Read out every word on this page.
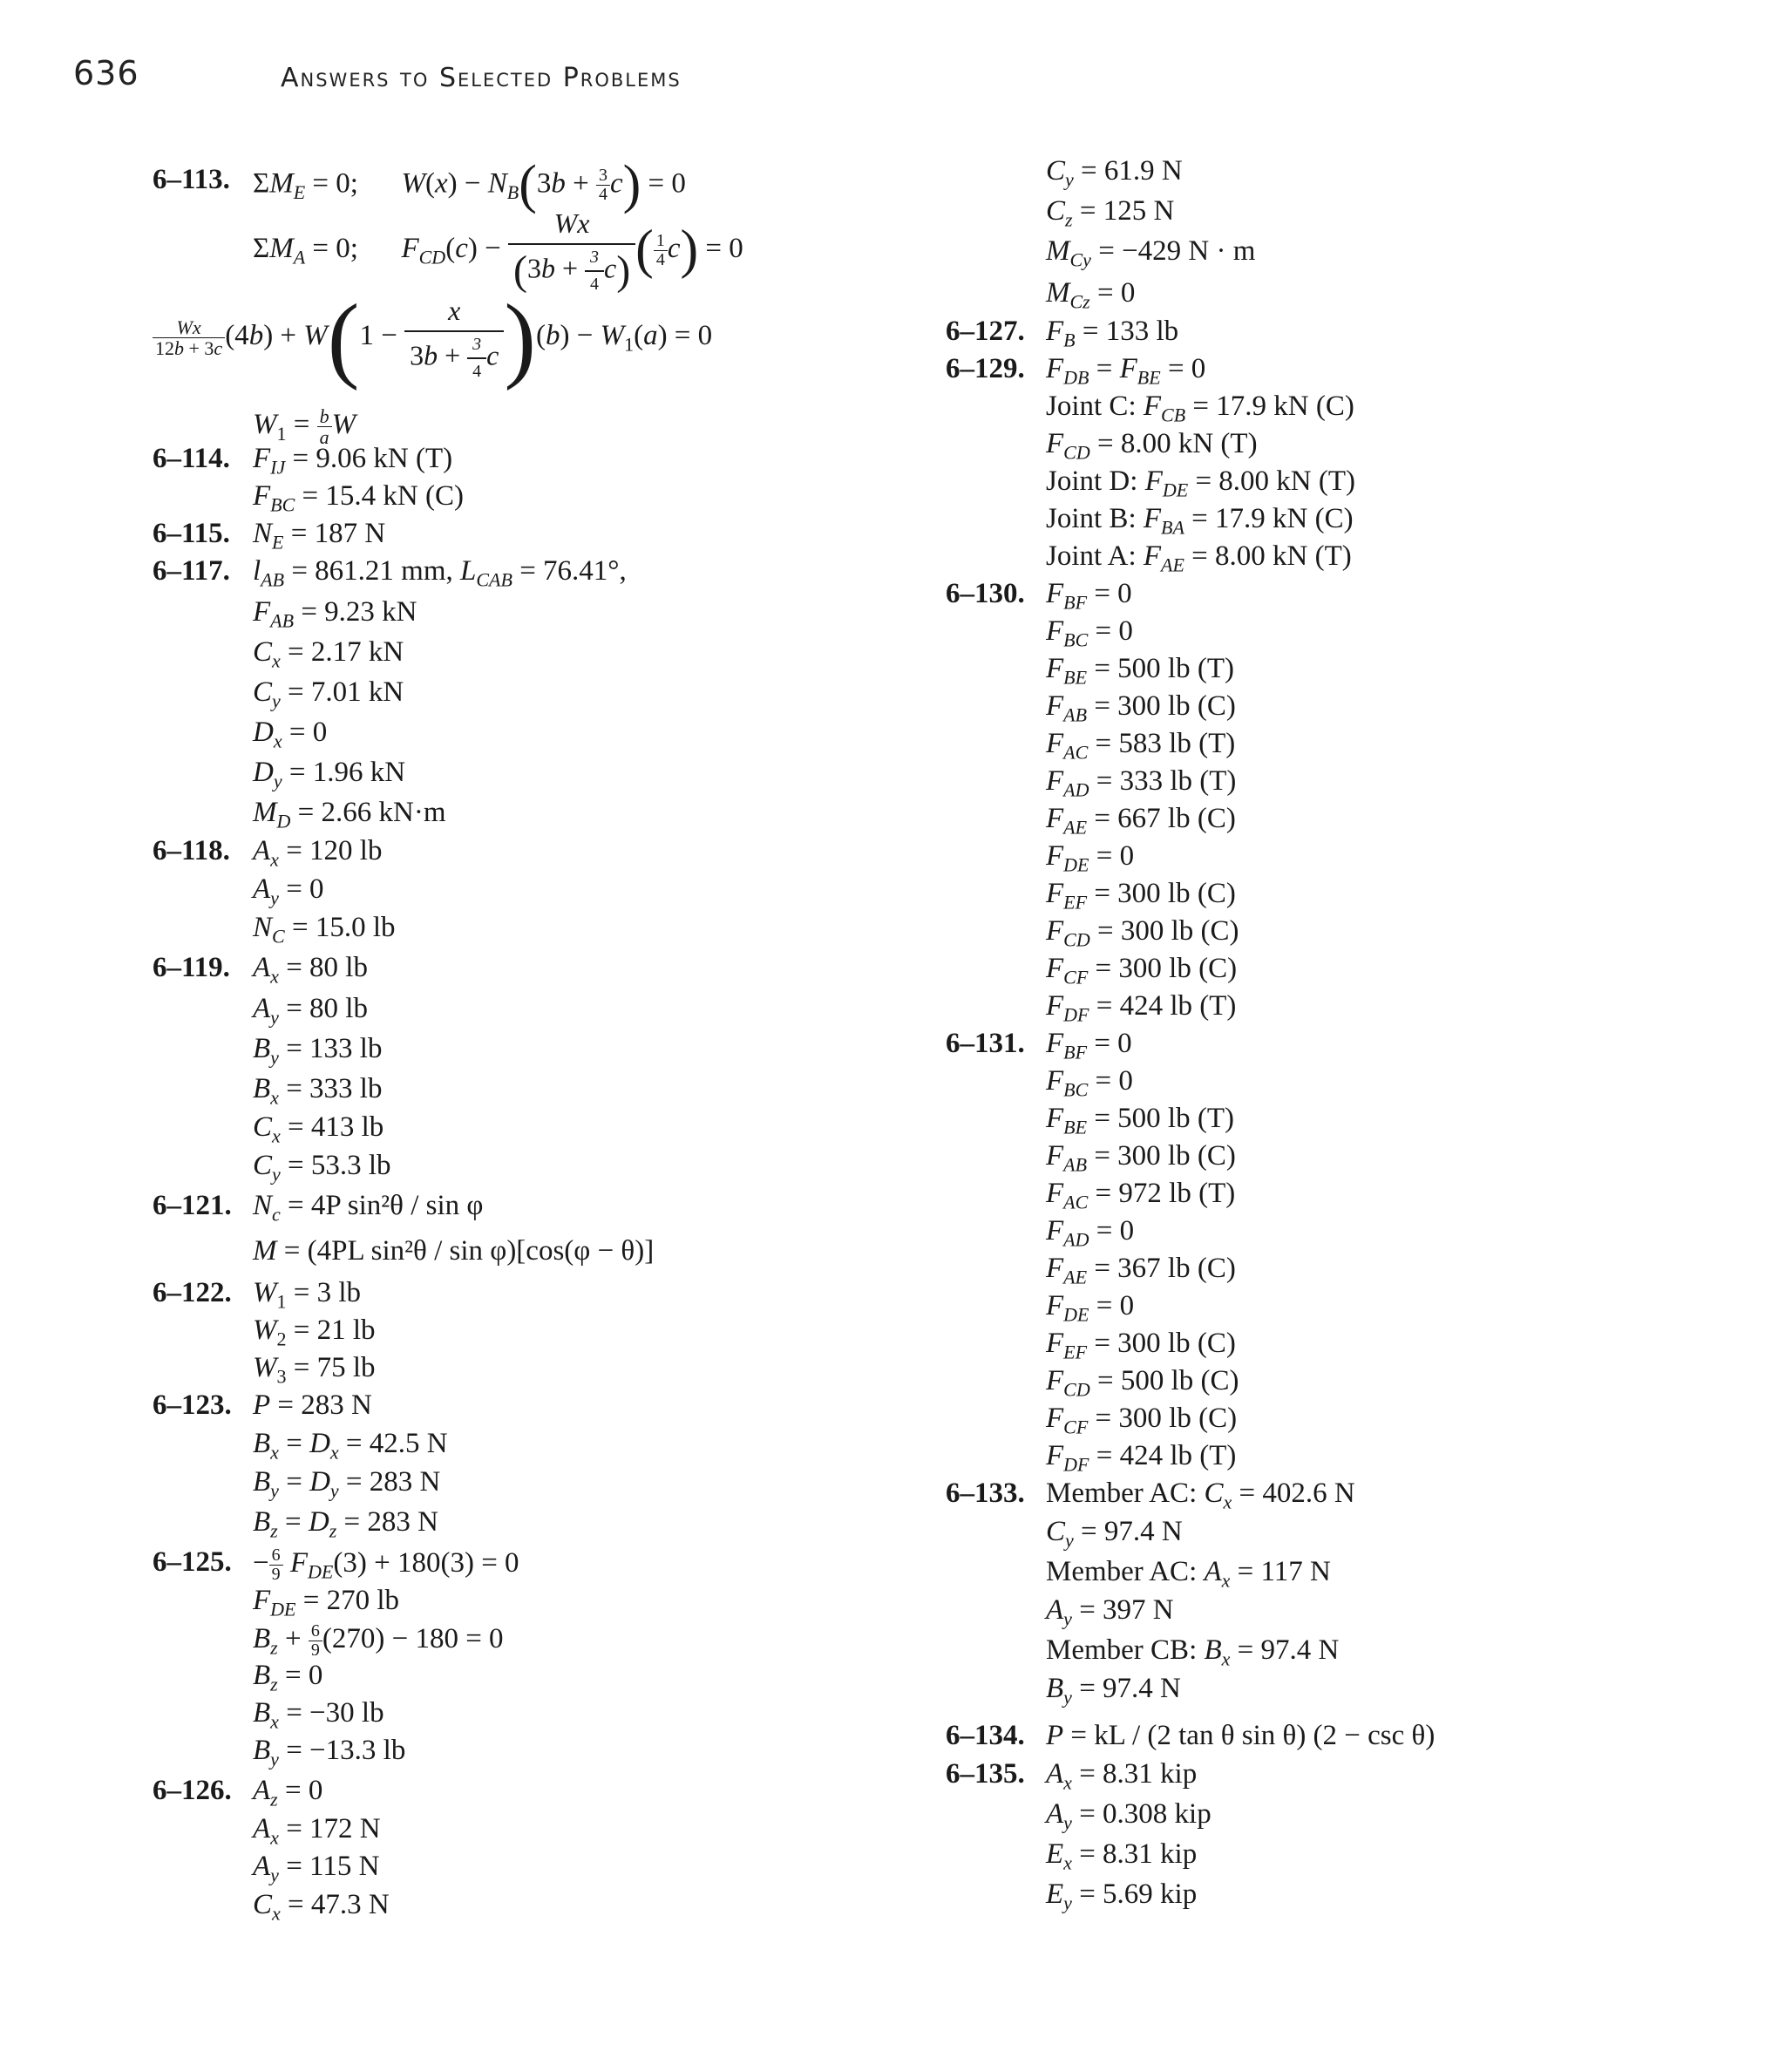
636	Answers to Selected Problems
6–113. $\Sigma M_E = 0$;      $W(x) - N_B(3b + \frac{3}{4} c) = 0$
$\Sigma M_A = 0$;      $F_{CD}(c) - \frac{Wx}{(3b + \frac{3}{4} c)}$ ( $\frac{1}{4} c) = 0$
$\frac{Wx}{12b + 3c} (4b) + W(1 - \frac{x}{3b + \frac{3}{4} c} )(b) - W_1(a) = 0$
$W_1 = \frac{b}{a}$ W
6–114. $F_{IJ} = 9.06$ kN (T)
$F_{BC} = 15.4$ kN (C)
6–115. $N_E = 187$ N
6–117. $l_{AB} = 861.21$ mm, $L_{CAB} = 76.41^\circ$,
$F_{AB} = 9.23$ kN
$C_x = 2.17$ kN
$C_y = 7.01$ kN
$D_x = 0$
$D_y = 1.96$ kN
$M_D = 2.66$ kN·m
6–118. $A_x = 120$ lb
$A_y = 0$
$N_C = 15.0$ lb
6–119. $A_x = 80$ lb
$A_y = 80$ lb
$B_y = 133$ lb
$B_x = 333$ lb
$C_x = 413$ lb
$C_y = 53.3$ lb
6–121. $N_c = 4P$ sin²θ / sin φ
M = (4PL sin²θ / sin φ)[cos(φ − θ)]
6–122. $W_1 = 3$ lb
$W_2 = 21$ lb
$W_3 = 75$ lb
6–123. P = 283 N
$B_x = D_x = 42.5$ N
$B_y = D_y = 283$ N
$B_z = D_z = 283$ N
6–125. − $\frac{6}{9} F_{DE}(3) + 180(3) = 0$
$F_{DE} = 270$ lb
$B_z + \frac{6}{9} (270) - 180 = 0$
$B_z = 0$
$B_x = -30$ lb
$B_y = -13.3$ lb
6–126. $A_z = 0$
$A_x = 172$ N
$A_y = 115$ N
$C_x = 47.3$ N
$C_y = 61.9$ N
$C_z = 125$ N
$M_{Cy} = -429$ N · m
$M_{Cz} = 0$
6–127. $F_B = 133$ lb
6–129. $F_{DB} = F_{BE} = 0$
Joint C: $F_{CB} = 17.9$ kN (C)
$F_{CD} = 8.00$ kN (T)
Joint D: $F_{DE} = 8.00$ kN (T)
Joint B: $F_{BA} = 17.9$ kN (C)
Joint A: $F_{AE} = 8.00$ kN (T)
6–130. $F_{BF} = 0$
$F_{BC} = 0$
$F_{BE} = 500$ lb (T)
$F_{AB} = 300$ lb (C)
$F_{AC} = 583$ lb (T)
$F_{AD} = 333$ lb (T)
$F_{AE} = 667$ lb (C)
$F_{DE} = 0$
$F_{EF} = 300$ lb (C)
$F_{CD} = 300$ lb (C)
$F_{CF} = 300$ lb (C)
$F_{DF} = 424$ lb (T)
6–131. $F_{BF} = 0$
$F_{BC} = 0$
$F_{BE} = 500$ lb (T)
$F_{AB} = 300$ lb (C)
$F_{AC} = 972$ lb (T)
$F_{AD} = 0$
$F_{AE} = 367$ lb (C)
$F_{DE} = 0$
$F_{EF} = 300$ lb (C)
$F_{CD} = 500$ lb (C)
$F_{CF} = 300$ lb (C)
$F_{DF} = 424$ lb (T)
6–133. Member AC: $C_x = 402.6$ N
$C_y = 97.4$ N
Member AC: $A_x = 117$ N
$A_y = 397$ N
Member CB: $B_x = 97.4$ N
$B_y = 97.4$ N
6–134. P = kL / (2 tan θ sin θ) (2 − csc θ)
6–135. $A_x = 8.31$ kip
$A_y = 0.308$ kip
$E_x = 8.31$ kip
$E_y = 5.69$ kip
